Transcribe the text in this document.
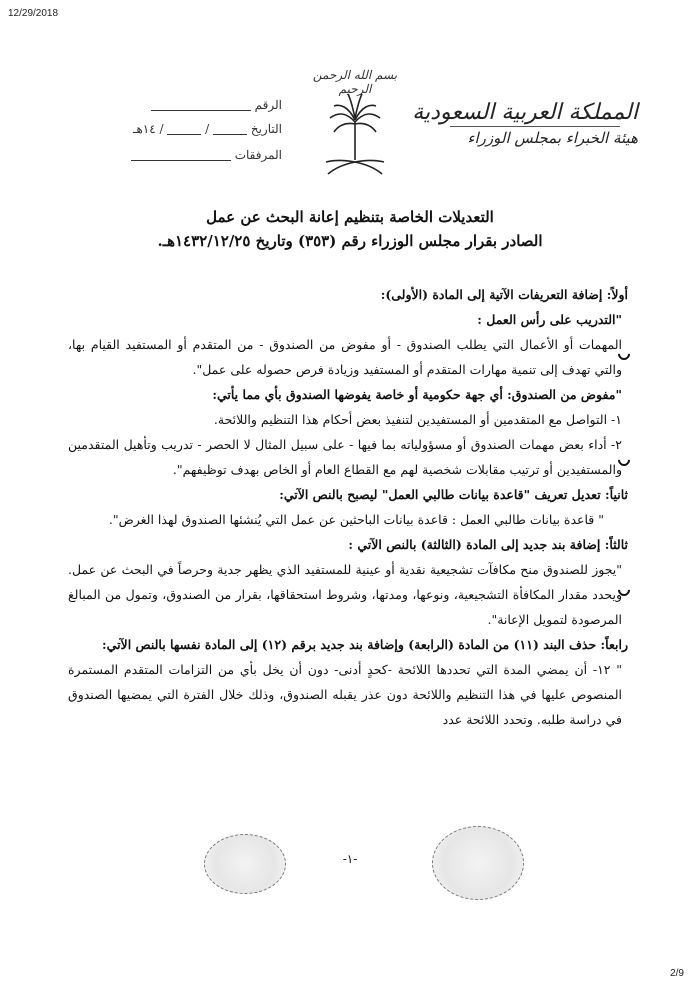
12/29/2018
بسم الله الرحمن الرحيم
الرقم
التاريخ  /  / ١٤هـ
المرفقات
المملكة العربية السعودية
هيئة الخبراء بمجلس الوزراء
التعديلات الخاصة بتنظيم إعانة البحث عن عمل
الصادر بقرار مجلس الوزراء رقم (٣٥٣) وتاريخ ١٤٣٢/١٢/٢٥هـ.

أولاً: إضافة التعريفات الآتية إلى المادة (الأولى):

"التدريب على رأس العمل :

المهمات أو الأعمال التي يطلب الصندوق - أو مفوض من الصندوق - من المتقدم أو المستفيد القيام بها، والتي تهدف إلى تنمية مهارات المتقدم أو المستفيد وزيادة فرص حصوله على عمل".

"مفوض من الصندوق: أي جهة حكومية أو خاصة يفوضها الصندوق بأي مما يأتي:

١- التواصل مع المتقدمين أو المستفيدين لتنفيذ بعض أحكام هذا التنظيم واللائحة.

٢- أداء بعض مهمات الصندوق أو مسؤولياته بما فيها - على سبيل المثال لا الحصر - تدريب وتأهيل المتقدمين والمستفيدين أو ترتيب مقابلات شخصية لهم مع القطاع العام أو الخاص بهدف توظيفهم".

ثانياً: تعديل تعريف "قاعدة بيانات طالبي العمل" ليصبح بالنص الآتي:

" قاعدة بيانات طالبي العمل : قاعدة بيانات الباحثين عن عمل التي يُنشئها الصندوق لهذا الغرض".

ثالثاً: إضافة بند جديد إلى المادة (الثالثة) بالنص الآتي :

"يجوز للصندوق منح مكافآت تشجيعية نقدية أو عينية للمستفيد الذي يظهر جدية وحرصاً في البحث عن عمل. ويحدد مقدار المكافأة التشجيعية، ونوعها، ومدتها، وشروط استحقاقها، بقرار من الصندوق، وتمول من المبالغ المرصودة لتمويل الإعانة".

رابعاً: حذف البند (١١) من المادة (الرابعة) وإضافة بند جديد برقم (١٢) إلى المادة نفسها بالنص الآتي:

" ١٢- أن يمضي المدة التي تحددها اللائحة -كحدٍ أدنى- دون أن يخل بأي من التزامات المتقدم المستمرة المنصوص عليها في هذا التنظيم واللائحة دون عذر يقبله الصندوق، وذلك خلال الفترة التي يمضيها الصندوق في دراسة طلبه. وتحدد اللائحة عدد

-١-
2/9
